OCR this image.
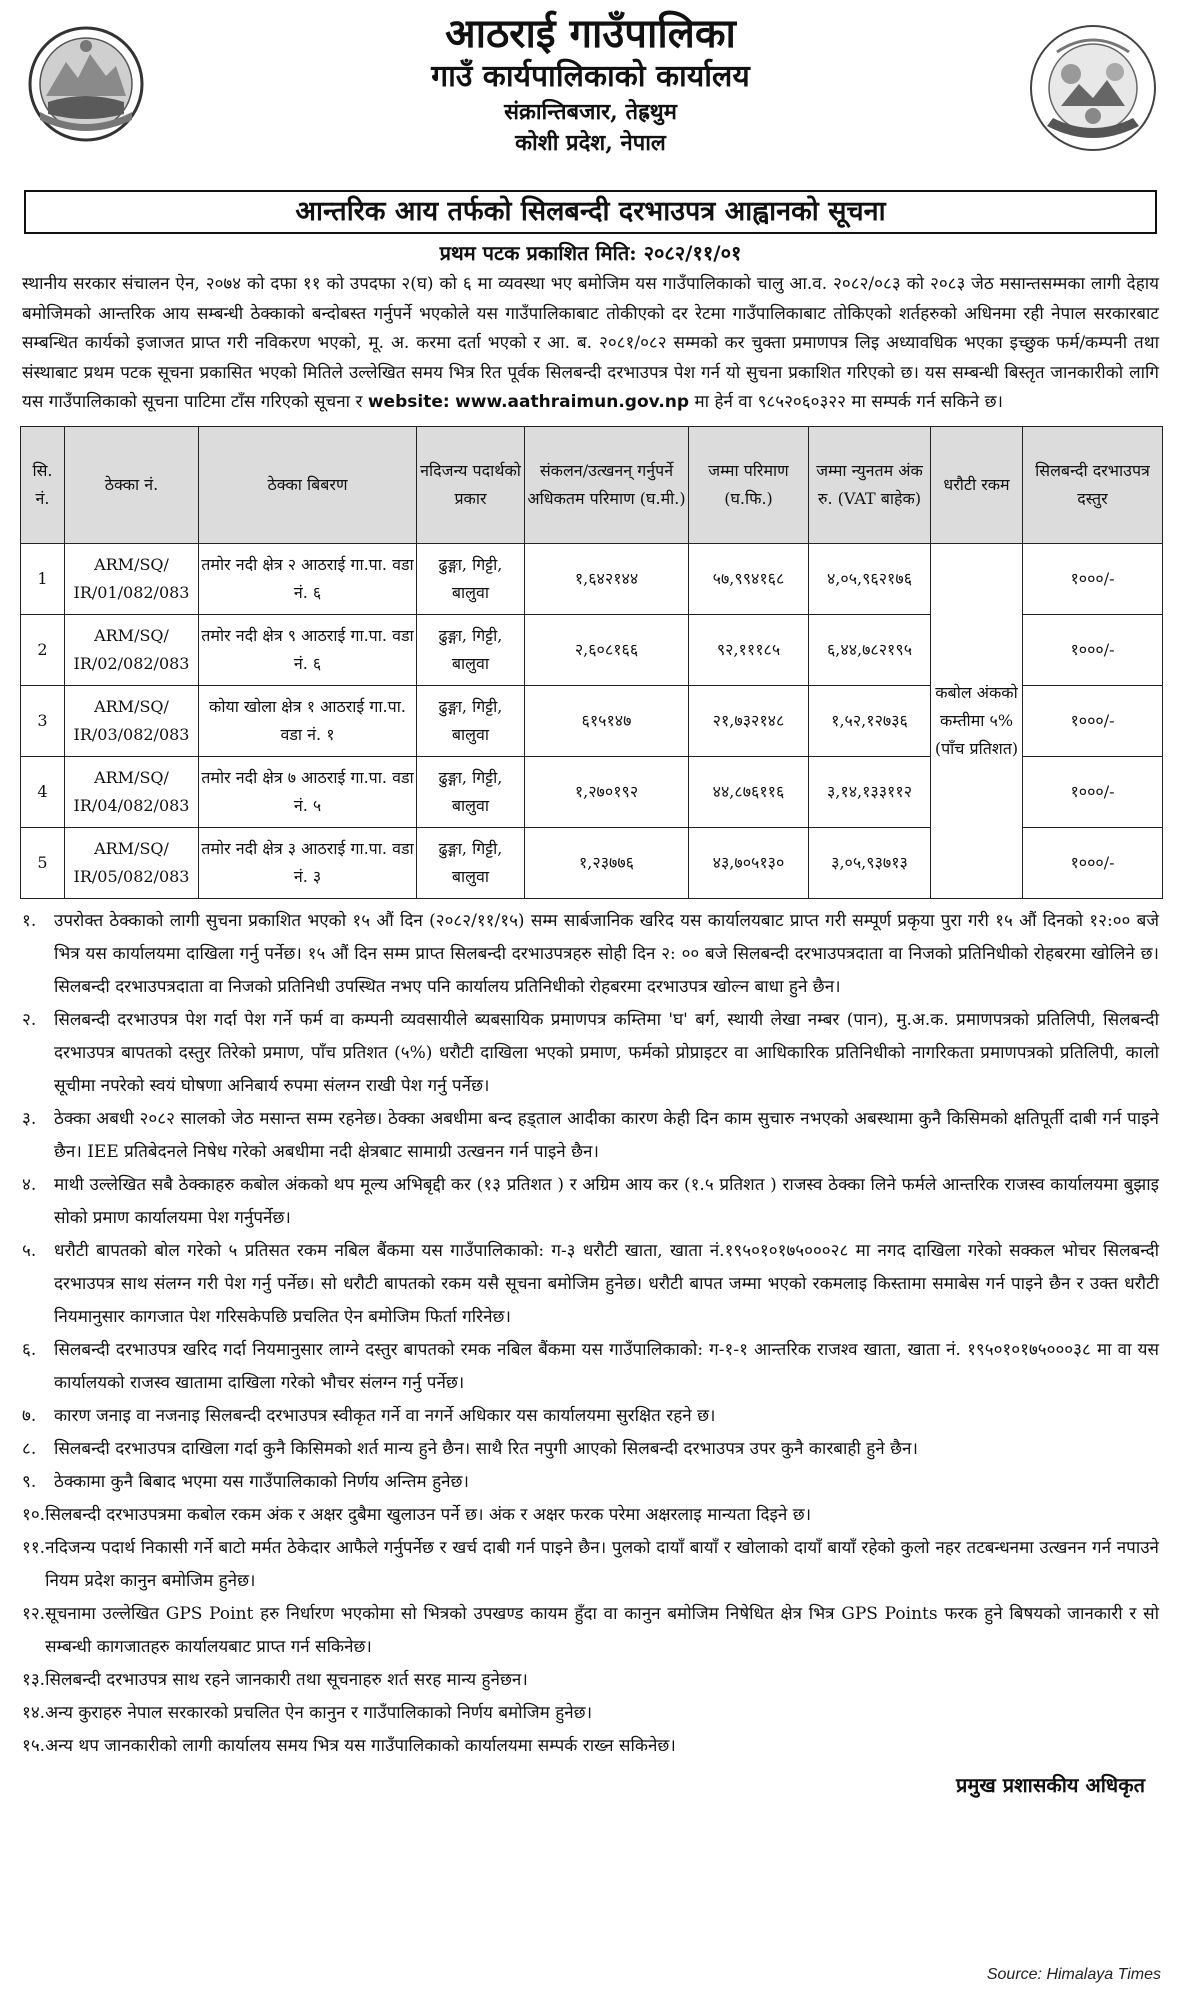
आठराई गाउँपालिका
गाउँ कार्यपालिकाको कार्यालय
संक्रान्तिबजार, तेह्रथुम
कोशी प्रदेश, नेपाल
आन्तरिक आय तर्फको सिलबन्दी दरभाउपत्र आह्वानको सूचना
प्रथम पटक प्रकाशित मिति: २०८२/११/०१
स्थानीय सरकार संचालन ऐन, २०७४ को दफा ११ को उपदफा २(घ) को ६ मा व्यवस्था भए बमोजिम यस गाउँपालिकाको चालु आ.व. २०८२/०८३ को २०८३ जेठ मसान्तसम्मका लागी देहाय बमोजिमको आन्तरिक आय सम्बन्धी ठेक्काको बन्दोबस्त गर्नुपर्ने भएकोले यस गाउँपालिकाबाट तोकीएको दर रेटमा गाउँपालिकाबाट तोकिएको शर्तहरुको अधिनमा रही नेपाल सरकारबाट सम्बन्धित कार्यको इजाजत प्राप्त गरी नविकरण भएको, मू. अ. करमा दर्ता भएको र आ. ब. २०८१/०८२ सम्मको कर चुक्ता प्रमाणपत्र लिइ अध्यावधिक भएका इच्छुक फर्म/कम्पनी तथा संस्थाबाट प्रथम पटक सूचना प्रकासित भएको मितिले उल्लेखित समय भित्र रित पूर्वक सिलबन्दी दरभाउपत्र पेश गर्न यो सुचना प्रकाशित गरिएको छ। यस सम्बन्धी बिस्तृत जानकारीको लागि यस गाउँपालिकाको सूचना पाटिमा टाँस गरिएको सूचना र website: www.aathraimun.gov.np मा हेर्न वा ९८५२०६०३२२ मा सम्पर्क गर्न सकिने छ।
सि. नं.	ठेक्का नं.	ठेक्का बिबरण	नदिजन्य पदार्थको प्रकार	संकलन/उत्खनन् गर्नुपर्ने अधिकतम परिमाण (घ.मी.)	जम्मा परिमाण (घ.फि.)	जम्मा न्युनतम अंक रु. (VAT बाहेक)	धरौटी रकम	सिलबन्दी दरभाउपत्र दस्तुर
1	ARM/SQ/ IR/01/082/083	तमोर नदी क्षेत्र २ आठराई गा.पा. वडा नं. ६	ढुङ्गा, गिट्टी, बालुवा	१,६४२१४४	५७,९९४१६८	४,०५,९६२१७६	कबोल अंकको कम्तीमा ५% (पाँच प्रतिशत)	१०००/-
2	ARM/SQ/ IR/02/082/083	तमोर नदी क्षेत्र ९ आठराई गा.पा. वडा नं. ६	ढुङ्गा, गिट्टी, बालुवा	२,६०८१६६	९२,१११८५	६,४४,७८२१९५		१०००/-
3	ARM/SQ/ IR/03/082/083	कोया खोला क्षेत्र १ आठराई गा.पा. वडा नं. १	ढुङ्गा, गिट्टी, बालुवा	६१५१४७	२१,७३२१४८	१,५२,१२७३६		१०००/-
4	ARM/SQ/ IR/04/082/083	तमोर नदी क्षेत्र ७ आठराई गा.पा. वडा नं. ५	ढुङ्गा, गिट्टी, बालुवा	१,२७०१९२	४४,८७६११६	३,१४,१३३११२		१०००/-
5	ARM/SQ/ IR/05/082/083	तमोर नदी क्षेत्र ३ आठराई गा.पा. वडा नं. ३	ढुङ्गा, गिट्टी, बालुवा	१,२३७७६	४३,७०५१३०	३,०५,९३७१३		१०००/-
१.	उपरोक्त ठेक्काको लागी सुचना प्रकाशित भएको १५ औं दिन (२०८२/११/१५) सम्म सार्बजानिक खरिद यस कार्यालयबाट प्राप्त गरी सम्पूर्ण प्रकृया पुरा गरी १५ औं दिनको १२:०० बजे भित्र यस कार्यालयमा दाखिला गर्नु पर्नेछ। १५ औं दिन सम्म प्राप्त सिलबन्दी दरभाउपत्रहरु सोही दिन २: ०० बजे सिलबन्दी दरभाउपत्रदाता वा निजको प्रतिनिधीको रोहबरमा खोलिने छ। सिलबन्दी दरभाउपत्रदाता वा निजको प्रतिनिधी उपस्थित नभए पनि कार्यालय प्रतिनिधीको रोहबरमा दरभाउपत्र खोल्न बाधा हुने छैन।
२.	सिलबन्दी दरभाउपत्र पेश गर्दा पेश गर्ने फर्म वा कम्पनी व्यवसायीले ब्यबसायिक प्रमाणपत्र कम्तिमा 'घ' बर्ग, स्थायी लेखा नम्बर (पान), मु.अ.क. प्रमाणपत्रको प्रतिलिपी, सिलबन्दी दरभाउपत्र बापतको दस्तुर तिरेको प्रमाण, पाँच प्रतिशत (५%) धरौटी दाखिला भएको प्रमाण, फर्मको प्रोप्राइटर वा आधिकारिक प्रतिनिधीको नागरिकता प्रमाणपत्रको प्रतिलिपी, कालो सूचीमा नपरेको स्वयं घोषणा अनिबार्य रुपमा संलग्न राखी पेश गर्नु पर्नेछ।
३.	ठेक्का अबधी २०८२ सालको जेठ मसान्त सम्म रहनेछ। ठेक्का अबधीमा बन्द हड्ताल आदीका कारण केही दिन काम सुचारु नभएको अबस्थामा कुनै किसिमको क्षतिपूर्ती दाबी गर्न पाइने छैन। IEE प्रतिबेदनले निषेध गरेको अबधीमा नदी क्षेत्रबाट सामाग्री उत्खनन गर्न पाइने छैन।
४.	माथी उल्लेखित सबै ठेक्काहरु कबोल अंकको थप मूल्य अभिबृद्दी कर (१३ प्रतिशत ) र अग्रिम आय कर (१.५ प्रतिशत ) राजस्व ठेक्का लिने फर्मले आन्तरिक राजस्व कार्यालयमा बुझाइ सोको प्रमाण कार्यालयमा पेश गर्नुपर्नेछ।
५.	धरौटी बापतको बोल गरेको ५ प्रतिसत रकम नबिल बैंकमा यस गाउँपालिकाको: ग-३ धरौटी खाता, खाता नं.१९५०१०१७५०००२८ मा नगद दाखिला गरेको सक्कल भोचर सिलबन्दी दरभाउपत्र साथ संलग्न गरी पेश गर्नु पर्नेछ। सो धरौटी बापतको रकम यसै सूचना बमोजिम हुनेछ। धरौटी बापत जम्मा भएको रकमलाइ किस्तामा समाबेस गर्न पाइने छैन र उक्त धरौटी नियमानुसार कागजात पेश गरिसकेपछि प्रचलित ऐन बमोजिम फिर्ता गरिनेछ।
६.	सिलबन्दी दरभाउपत्र खरिद गर्दा नियमानुसार लाग्ने दस्तुर बापतको रमक नबिल बैंकमा यस गाउँपालिकाको: ग-१-१ आन्तरिक राजश्व खाता, खाता नं. १९५०१०१७५०००३८ मा वा यस कार्यालयको राजस्व खातामा दाखिला गरेको भौचर संलग्न गर्नु पर्नेछ।
७.	कारण जनाइ वा नजनाइ सिलबन्दी दरभाउपत्र स्वीकृत गर्ने वा नगर्ने अधिकार यस कार्यालयमा सुरक्षित रहने छ।
८.	सिलबन्दी दरभाउपत्र दाखिला गर्दा कुनै किसिमको शर्त मान्य हुने छैन। साथै रित नपुगी आएको सिलबन्दी दरभाउपत्र उपर कुनै कारबाही हुने छैन।
९.	ठेक्कामा कुनै बिबाद भएमा यस गाउँपालिकाको निर्णय अन्तिम हुनेछ।
१०. सिलबन्दी दरभाउपत्रमा कबोल रकम अंक र अक्षर दुबैमा खुलाउन पर्ने छ। अंक र अक्षर फरक परेमा अक्षरलाइ मान्यता दिइने छ।
११. नदिजन्य पदार्थ निकासी गर्ने बाटो मर्मत ठेकेदार आफैले गर्नुपर्नेछ र खर्च दाबी गर्न पाइने छैन। पुलको दायाँ बायाँ र खोलाको दायाँ बायाँ रहेको कुलो नहर तटबन्धनमा उत्खनन गर्न नपाउने नियम प्रदेश कानुन बमोजिम हुनेछ।
१२. सूचनामा उल्लेखित GPS Point हरु निर्धारण भएकोमा सो भित्रको उपखण्ड कायम हुँदा वा कानुन बमोजिम निषेधित क्षेत्र भित्र GPS Points फरक हुने बिषयको जानकारी र सो सम्बन्धी कागजातहरु कार्यालयबाट प्राप्त गर्न सकिनेछ।
१३. सिलबन्दी दरभाउपत्र साथ रहने जानकारी तथा सूचनाहरु शर्त सरह मान्य हुनेछन।
१४. अन्य कुराहरु नेपाल सरकारको प्रचलित ऐन कानुन र गाउँपालिकाको निर्णय बमोजिम हुनेछ।
१५. अन्य थप जानकारीको लागी कार्यालय समय भित्र यस गाउँपालिकाको कार्यालयमा सम्पर्क राख्न सकिनेछ।
प्रमुख प्रशासकीय अधिकृत
Source: Himalaya Times
